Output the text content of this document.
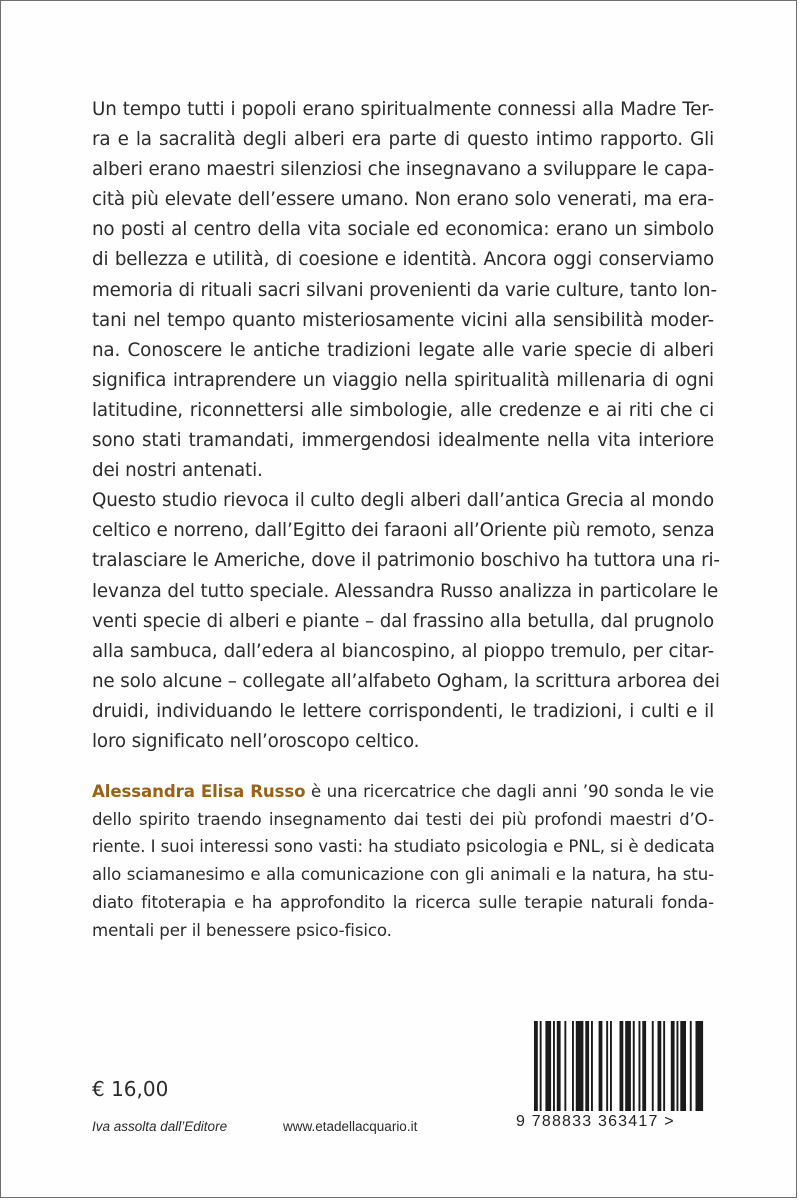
Un tempo tutti i popoli erano spiritualmente connessi alla Madre Ter-
ra e la sacralità degli alberi era parte di questo intimo rapporto. Gli
alberi erano maestri silenziosi che insegnavano a sviluppare le capa-
cità più elevate dell’essere umano. Non erano solo venerati, ma era-
no posti al centro della vita sociale ed economica: erano un simbolo
di bellezza e utilità, di coesione e identità. Ancora oggi conserviamo
memoria di rituali sacri silvani provenienti da varie culture, tanto lon-
tani nel tempo quanto misteriosamente vicini alla sensibilità moder-
na. Conoscere le antiche tradizioni legate alle varie specie di alberi
significa intraprendere un viaggio nella spiritualità millenaria di ogni
latitudine, riconnettersi alle simbologie, alle credenze e ai riti che ci
sono stati tramandati, immergendosi idealmente nella vita interiore
dei nostri antenati.

Questo studio rievoca il culto degli alberi dall’antica Grecia al mondo
celtico e norreno, dall’Egitto dei faraoni all’Oriente più remoto, senza
tralasciare le Americhe, dove il patrimonio boschivo ha tuttora una ri-
levanza del tutto speciale. Alessandra Russo analizza in particolare le
venti specie di alberi e piante – dal frassino alla betulla, dal prugnolo
alla sambuca, dall’edera al biancospino, al pioppo tremulo, per citar-
ne solo alcune – collegate all’alfabeto Ogham, la scrittura arborea dei
druidi, individuando le lettere corrispondenti, le tradizioni, i culti e il
loro significato nell’oroscopo celtico.

Alessandra Elisa Russo è una ricercatrice che dagli anni ’90 sonda le vie
dello spirito traendo insegnamento dai testi dei più profondi maestri d’O-
riente. I suoi interessi sono vasti: ha studiato psicologia e PNL, si è dedicata
allo sciamanesimo e alla comunicazione con gli animali e la natura, ha stu-
diato fitoterapia e ha approfondito la ricerca sulle terapie naturali fonda-
mentali per il benessere psico-fisico.
€ 16,00
Iva assolta dall’Editore	www.etadellacquario.it	9 788833 363417 >
